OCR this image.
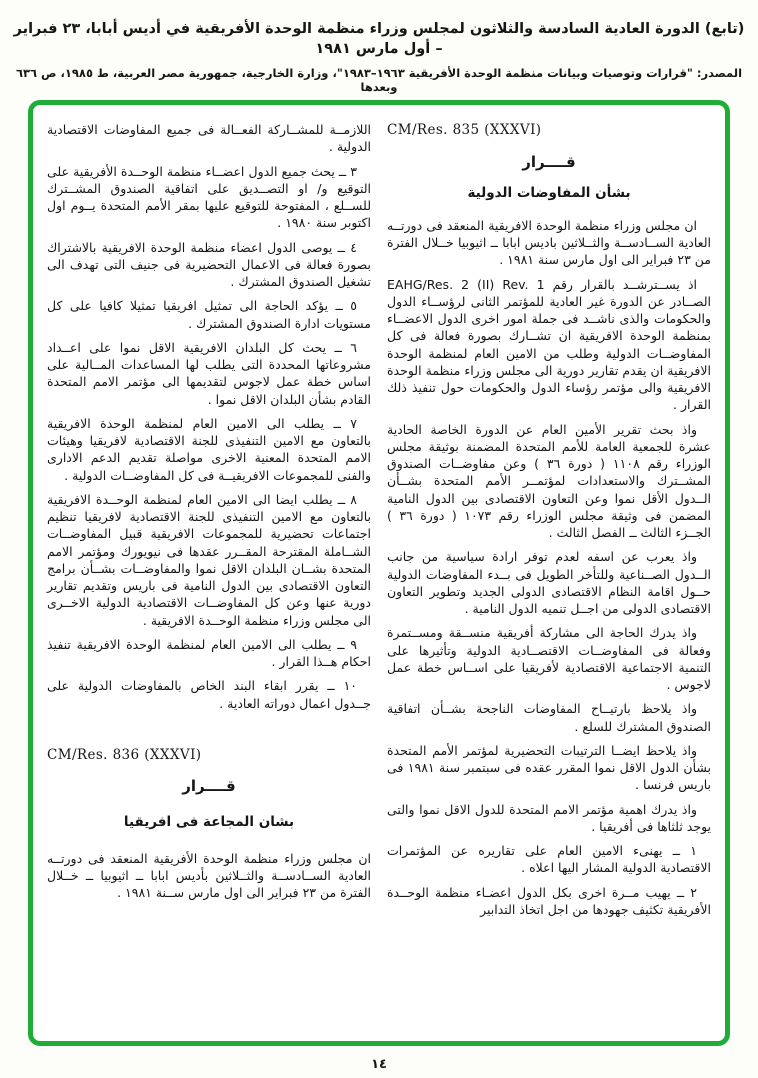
(تابع) الدورة العادية السادسة والثلاثون لمجلس وزراء منظمة الوحدة الأفريقية في أديس أبابا، ٢٣ فبراير – أول مارس ١٩٨١
المصدر: "قرارات وتوصيات وبيانات منظمة الوحدة الأفريقية ١٩٦٣–١٩٨٣"، وزارة الخارجية، جمهورية مصر العربية، ط ١٩٨٥، ص ٦٣٦ وبعدها

اللازمــة للمشــاركة الفعــالة فى جميع المفاوضات الاقتصادية الدولية .

٣ ــ يحث جميع الدول اعضــاء منظمة الوحــدة الأفريقية على التوقيع و/ او التصــديق على اتفاقية الصندوق المشــترك للســلع ، المفتوحة للتوقيع عليها بمقر الأمم المتحدة يــوم اول اكتوبر سنة ١٩٨٠ .

٤ ــ يوصى الدول اعضاء منظمة الوحدة الافريقية بالاشتراك بصورة فعالة فى الاعمال التحضيرية فى جنيف التى تهدف الى تشغيل الصندوق المشترك .

٥ ــ يؤكد الحاجة الى تمثيل افريقيا تمثيلا كافيا على كل مستويات ادارة الصندوق المشترك .

٦ ــ يحث كل البلدان الافريقية الاقل نموا على اعــداد مشروعاتها المحددة التى يطلب لها المساعدات المــالية على اساس خطة عمل لاجوس لتقديمها الى مؤتمر الامم المتحدة القادم بشأن البلدان الاقل نموا .

٧ ــ يطلب الى الامين العام لمنظمة الوحدة الافريقية بالتعاون مع الامين التنفيذى للجنة الاقتصادية لافريقيا وهيئات الامم المتحدة المعنية الاخرى مواصلة تقديم الدعم الادارى والفنى للمجموعات الافريقيــة فى كل المفاوضــات الدولية .

٨ ــ يطلب ايضا الى الامين العام لمنظمة الوحــدة الافريقية بالتعاون مع الامين التنفيذى للجنة الاقتصادية لافريقيا تنظيم اجتماعات تحضيرية للمجموعات الافريقية قبيل المفاوضــات الشــاملة المقترحة المقــرر عقدها فى نيويورك ومؤتمر الامم المتحدة بشــان البلدان الاقل نموا والمفاوضــات بشــأن برامج التعاون الاقتصادى بين الدول النامية فى باريس وتقديم تقارير دورية عنها وعن كل المفاوضــات الاقتصادية الدولية الاخــرى الى مجلس وزراء منظمة الوحــدة الافريقية .

٩ ــ يطلب الى الامين العام لمنظمة الوحدة الافريقية تنفيذ احكام هــذا القرار .

١٠ ــ يقرر ابقاء البند الخاص بالمفاوضات الدولية على جــدول اعمال دوراته العادية .

CM/Res. 836 (XXXVI)

قــــرار

بشان المجاعة فى افريقيا

ان مجلس وزراء منظمة الوحدة الأفريقية المنعقد فى دورتــه العادية الســادســة والثــلاثين بأديس ابابا ــ اثيوبيا ــ خــلال الفترة من ٢٣ فبراير الى اول مارس ســنة ١٩٨١ .

CM/Res. 835 (XXXVI)

قــــرار

بشأن المفاوضات الدولية

ان مجلس وزراء منظمة الوحدة الافريقية المنعقد فى دورتــه العادية الســادســة والثــلاثين باديس ابابا ــ اثيوبيا خــلال الفترة من ٢٣ فبراير الى اول مارس سنة ١٩٨١ .

اذ يســترشــد بالقرار رقم EAHG/Res. 2 (II) Rev. 1 الصــادر عن الدورة غير العادية للمؤتمر الثانى لرؤســاء الدول والحكومات والذى ناشــد فى جملة امور اخرى الدول الاعضــاء بمنظمة الوحدة الافريقية ان تشــارك بصورة فعالة فى كل المفاوضــات الدولية وطلب من الامين العام لمنظمة الوحدة الافريقية ان يقدم تقارير دورية الى مجلس وزراء منظمة الوحدة الافريقية والى مؤتمر رؤساء الدول والحكومات حول تنفيذ ذلك القرار .

واذ بحث تقرير الأمين العام عن الدورة الخاصة الحادية عشرة للجمعية العامة للأمم المتحدة المضمنة بوثيقة مجلس الوزراء رقم ١١٠٨ ( دورة ٣٦ ) وعن مفاوضــات الصندوق المشــترك والاستعدادات لمؤتمــر الأمم المتحدة بشــأن الــدول الأقل نموا وعن التعاون الاقتصادى بين الدول النامية المضمن فى وثيقة مجلس الوزراء رقم ١٠٧٣ ( دورة ٣٦ ) الجــزء الثالث ــ الفصل الثالث .

واذ يعرب عن اسفه لعدم توفر ارادة سياسية من جانب الــدول الصــناعية وللتأخر الطويل فى بــدء المفاوضات الدولية حــول اقامة النظام الاقتصادى الدولى الجديد وتطوير التعاون الاقتصادى الدولى من اجــل تنميه الدول النامية .

واذ يدرك الحاجة الى مشاركة أفريقية منســقة ومســتمرة وفعالة فى المفاوضــات الاقتصــادية الدولية وتأثيرها على التنمية الاجتماعية الاقتصادية لأفريقيا على اســاس خطة عمل لاجوس .

واذ يلاحظ بارتيــاح المفاوضات الناجحة بشــأن اتفاقية الصندوق المشترك للسلع .

واذ يلاحظ ايضــا الترتيبات التحضيرية لمؤتمر الأمم المتحدة بشأن الدول الاقل نموا المقرر عقده فى سبتمبر سنة ١٩٨١ فى باريس فرنسا .

واذ يدرك اهمية مؤتمر الامم المتحدة للدول الاقل نموا والتى يوجد ثلثاها فى أفريقيا .

١ ــ يهنىء الامين العام على تقاريره عن المؤتمرات الاقتصادية الدولية المشار اليها اعلاه .

٢ ــ يهيب مــرة اخرى بكل الدول اعضـاء منظمة الوحــدة الأفريقية تكثيف جهودها من اجل اتخاذ التدابير

١٤
